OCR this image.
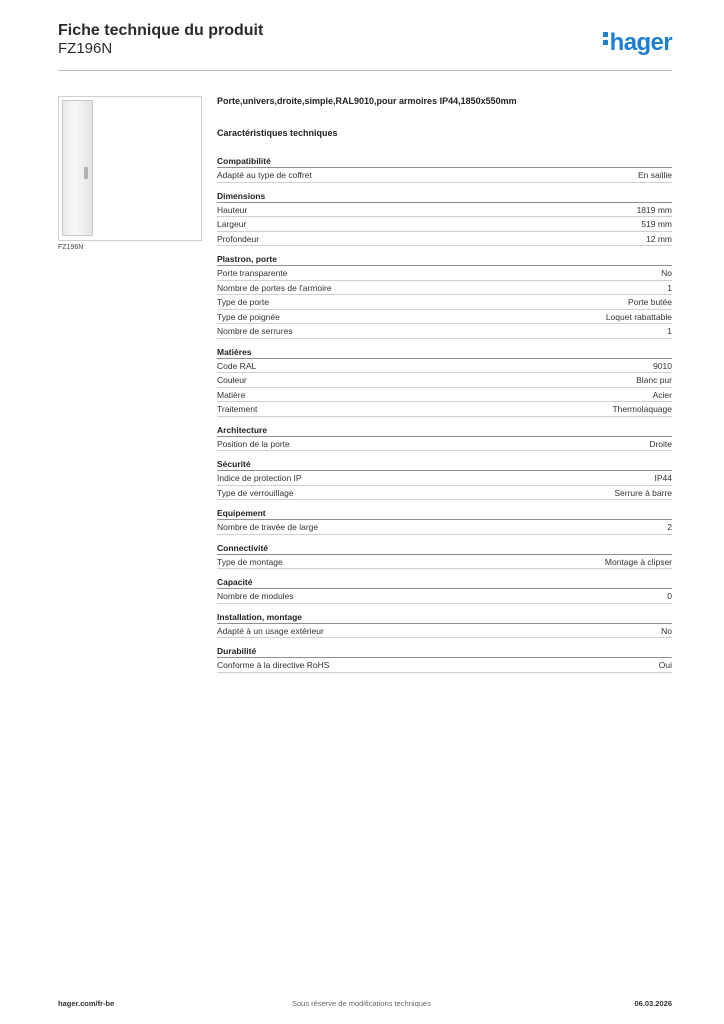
Fiche technique du produit
FZ196N	hager
FZ196N
Porte,univers,droite,simple,RAL9010,pour armoires IP44,1850x550mm
Caractéristiques techniques
Compatibilité
Adapté au type de coffret	En saillie
Dimensions
Hauteur	1819 mm
Largeur	519 mm
Profondeur	12 mm
Plastron, porte
Porte transparente	No
Nombre de portes de l'armoire	1
Type de porte	Porte butée
Type de poignée	Loquet rabattable
Nombre de serrures	1
Matières
Code RAL	9010
Couleur	Blanc pur
Matière	Acier
Traitement	Thermolaquage
Architecture
Position de la porte	Droite
Sécurité
Indice de protection IP	IP44
Type de verrouillage	Serrure à barre
Equipement
Nombre de travée de large	2
Connectivité
Type de montage	Montage à clipser
Capacité
Nombre de modules	0
Installation, montage
Adapté à un usage extérieur	No
Durabilité
Conforme à la directive RoHS	Oui
hager.com/fr-be	Sous réserve de modifications techniques	06.03.2026
